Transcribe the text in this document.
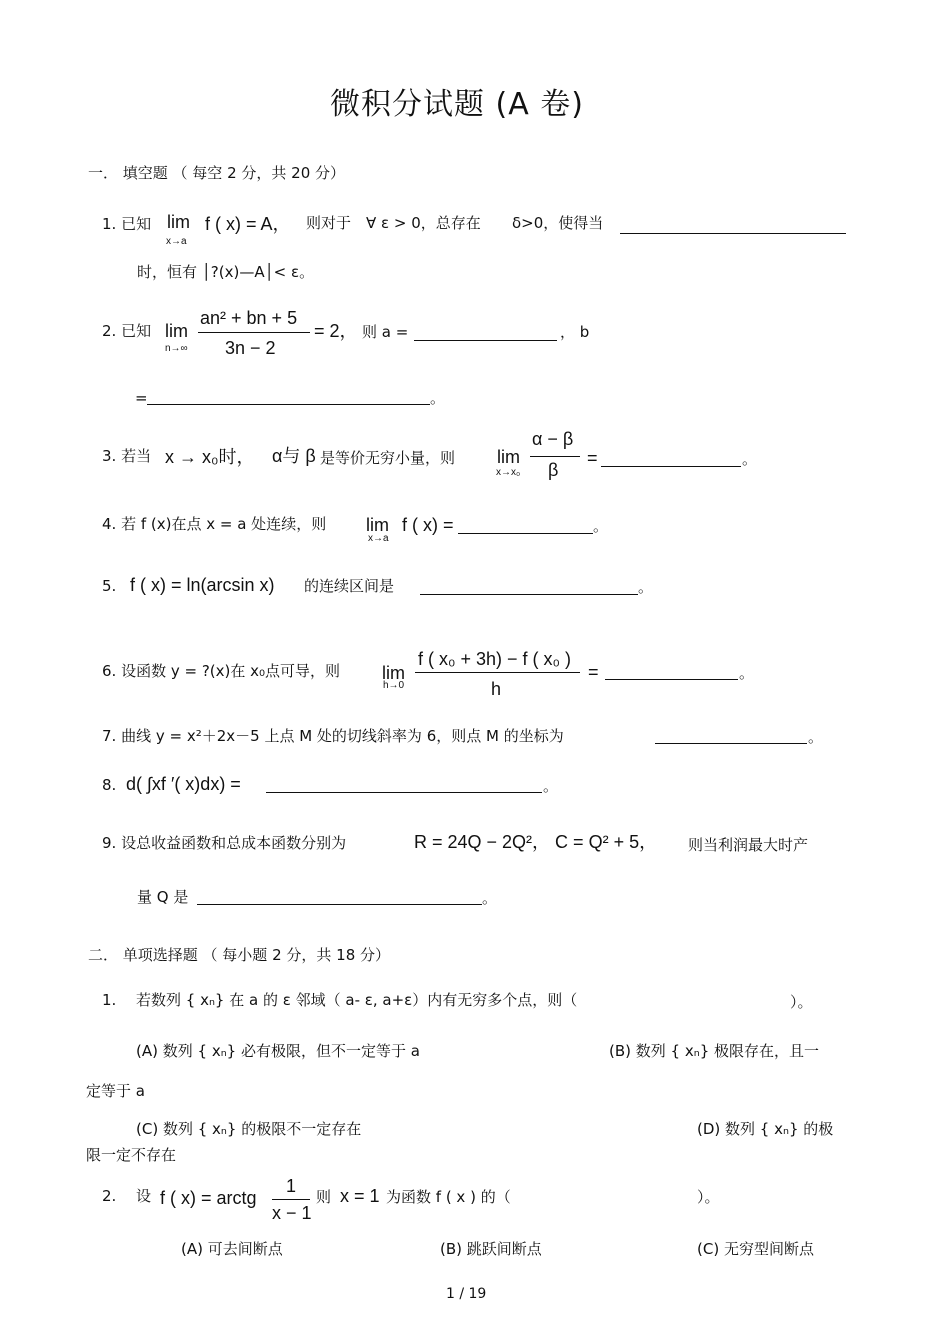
微积分试题 (A 卷)
一． 填空题 （ 每空 2 分，共 20 分）
1. 已知 lim
x→a
f ( x) = A， 则对于 ∀ ε > 0，总存在 δ>0，使得当
时，恒有 │?(x)—A│< ε。
2. 已知 lim
n→∞
an² + bn + 5
3n − 2
= 2， 则 a =	， b
=	。
3. 若当 x → x₀时， α与 β 是等价无穷小量，则 lim
x→x₀
α − β
β
=	。
4. 若 f (x)在点 x = a 处连续，则 lim
x→a
f ( x) =	。
5. f ( x) = ln(arcsin x) 的连续区间是	。
6. 设函数 y = ?(x)在 x₀点可导，则 lim
h→0
f ( x₀ + 3h) − f ( x₀ )
h
=	。
7. 曲线 y = x²＋2x－5 上点 M 处的切线斜率为 6，则点 M 的坐标为	。
8. d( ∫xf ′( x)dx) =	。
9. 设总收益函数和总成本函数分别为	R = 24Q − 2Q²， C = Q² + 5， 则当利润最大时产
量 Q 是	。
二． 单项选择题 （ 每小题 2 分，共 18 分）
1. 若数列 { xₙ} 在 a 的 ε 邻域（ a- ε, a+ε）内有无穷多个点，则（	）。
(A) 数列 { xₙ} 必有极限，但不一定等于 a	(B) 数列 { xₙ} 极限存在，且一
定等于 a
(C) 数列 { xₙ} 的极限不一定存在	(D) 数列 { xₙ} 的极
限一定不存在
2. 设 f ( x) = arctg
1
x − 1
则 x = 1 为函数 f ( x ) 的（	）。
(A) 可去间断点	(B) 跳跃间断点	(C) 无穷型间断点
1 / 19
